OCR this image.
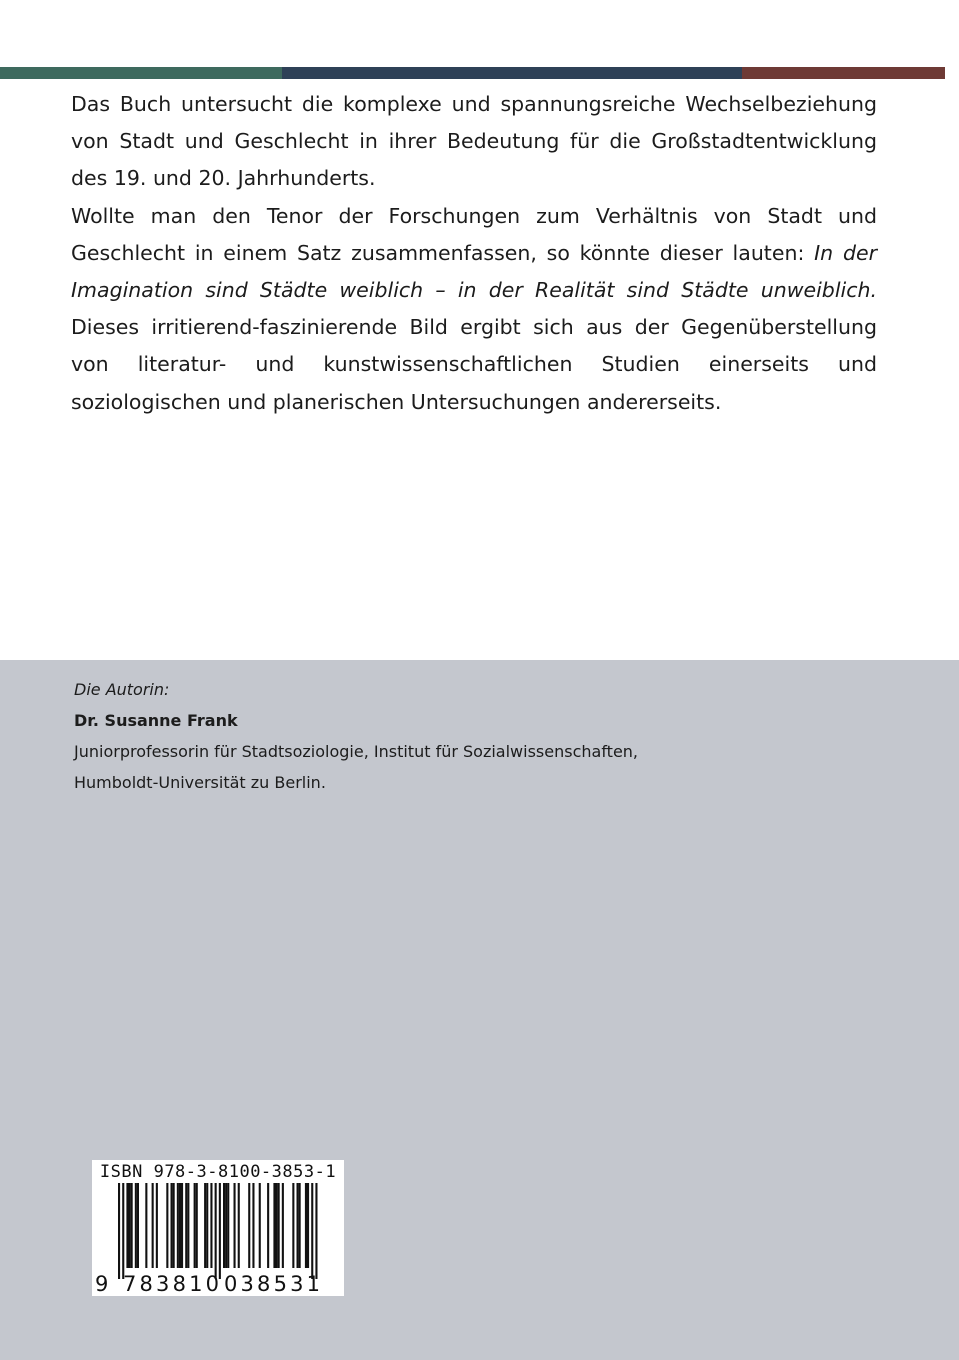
Das Buch untersucht die komplexe und spannungsreiche Wechselbeziehung von Stadt und Geschlecht in ihrer Bedeutung für die Großstadtentwicklung des 19. und 20. Jahrhunderts.

Wollte man den Tenor der Forschungen zum Verhältnis von Stadt und Geschlecht in einem Satz zusammenfassen, so könnte dieser lauten: In der Imagination sind Städte weiblich – in der Realität sind Städte unweiblich. Dieses irritierend-faszinierende Bild ergibt sich aus der Gegenüberstellung von literatur- und kunstwissenschaftlichen Studien einerseits und soziologischen und planerischen Untersuchungen andererseits.

Die Autorin:
Dr. Susanne Frank
Juniorprofessorin für Stadtsoziologie, Institut für Sozialwissenschaften,
Humboldt-Universität zu Berlin.
ISBN 978-3-8100-3853-1
9 783810 038531
